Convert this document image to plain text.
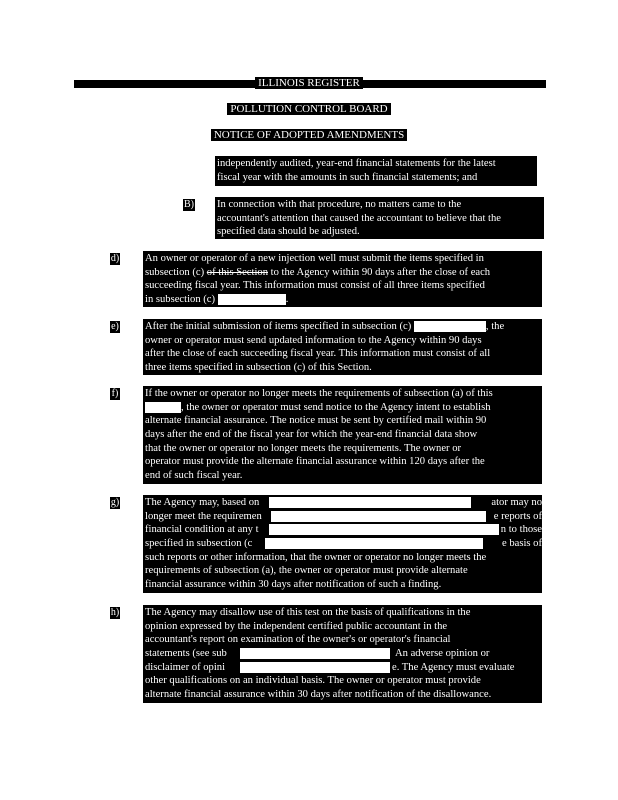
ILLINOIS REGISTER
POLLUTION CONTROL BOARD
NOTICE OF ADOPTED AMENDMENTS
independently audited, year-end financial statements for the latest
fiscal year with the amounts in such financial statements; and
B) In connection with that procedure, no matters came to the
accountant's attention that caused the accountant to believe that the
specified data should be adjusted.
d) An owner or operator of a new injection well must submit the items specified in
subsection (c) of this Section to the Agency within 90 days after the close of each
succeeding fiscal year. This information must consist of all three items specified
in subsection (c)	.
e) After the initial submission of items specified in subsection (c)	, the
owner or operator must send updated information to the Agency within 90 days
after the close of each succeeding fiscal year. This information must consist of all
three items specified in subsection (c) of this Section.
f)	If the owner or operator no longer meets the requirements of subsection (a) of this
, the owner or operator must send notice to the Agency intent to establish
alternate financial assurance. The notice must be sent by certified mail within 90
days after the end of the fiscal year for which the year-end financial data show
that the owner or operator no longer meets the requirements. The owner or
operator must provide the alternate financial assurance within 120 days after the
end of such fiscal year.
g) The Agency may, based on	ator may no
longer meet the requiremen	e reports of
financial condition at any t	n to those
specified in subsection (c	e basis of
such reports or other information, that the owner or operator no longer meets the
requirements of subsection (a), the owner or operator must provide alternate
financial assurance within 30 days after notification of such a finding.
h) The Agency may disallow use of this test on the basis of qualifications in the
opinion expressed by the independent certified public accountant in the
accountant's report on examination of the owner's or operator's financial
statements (see sub	An adverse opinion or
disclaimer of opini	e. The Agency must evaluate
other qualifications on an individual basis. The owner or operator must provide
alternate financial assurance within 30 days after notification of the disallowance.
